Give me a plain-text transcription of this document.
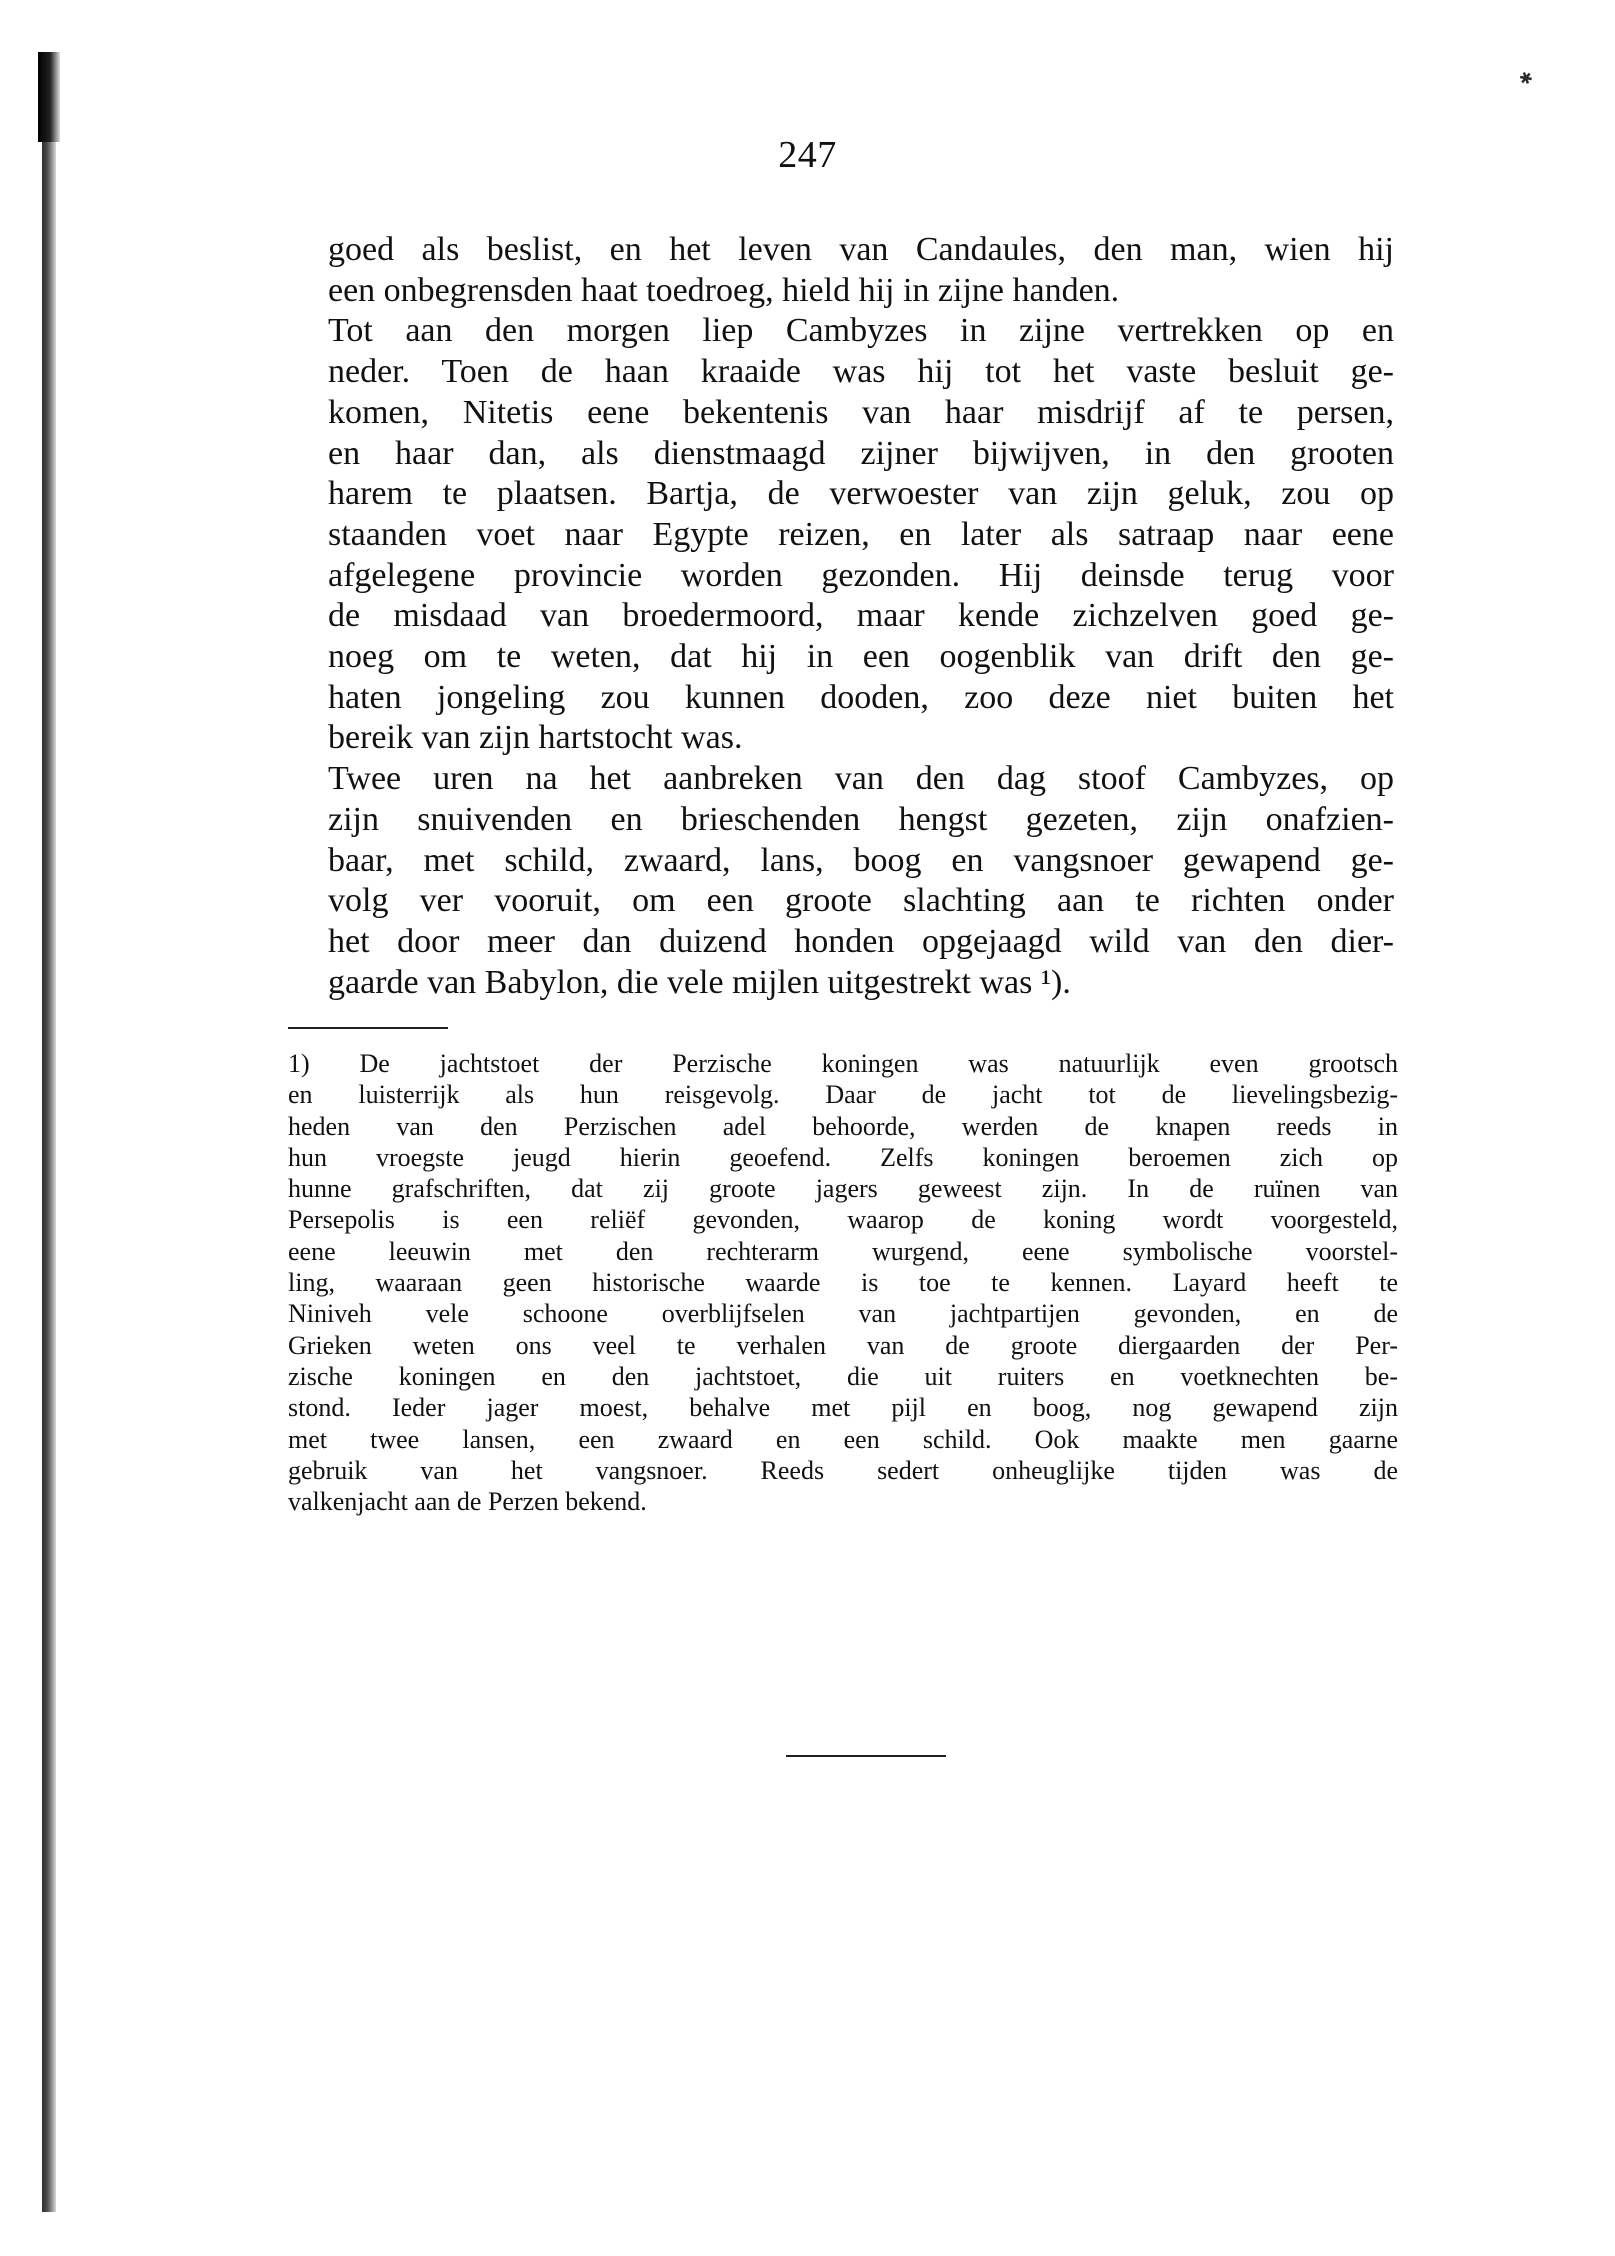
✱
247
goed als beslist, en het leven van Candaules, den man, wien hij
een onbegrensden haat toedroeg, hield hij in zijne handen.
Tot aan den morgen liep Cambyzes in zijne vertrekken op en
neder. Toen de haan kraaide was hij tot het vaste besluit ge-
komen, Nitetis eene bekentenis van haar misdrijf af te persen,
en haar dan, als dienstmaagd zijner bijwijven, in den grooten
harem te plaatsen. Bartja, de verwoester van zijn geluk, zou op
staanden voet naar Egypte reizen, en later als satraap naar eene
afgelegene provincie worden gezonden. Hij deinsde terug voor
de misdaad van broedermoord, maar kende zichzelven goed ge-
noeg om te weten, dat hij in een oogenblik van drift den ge-
haten jongeling zou kunnen dooden, zoo deze niet buiten het
bereik van zijn hartstocht was.
Twee uren na het aanbreken van den dag stoof Cambyzes, op
zijn snuivenden en brieschenden hengst gezeten, zijn onafzien-
baar, met schild, zwaard, lans, boog en vangsnoer gewapend ge-
volg ver vooruit, om een groote slachting aan te richten onder
het door meer dan duizend honden opgejaagd wild van den dier-
gaarde van Babylon, die vele mijlen uitgestrekt was ¹).
1) De jachtstoet der Perzische koningen was natuurlijk even grootsch
en luisterrijk als hun reisgevolg. Daar de jacht tot de lievelingsbezig-
heden van den Perzischen adel behoorde, werden de knapen reeds in
hun vroegste jeugd hierin geoefend. Zelfs koningen beroemen zich op
hunne grafschriften, dat zij groote jagers geweest zijn. In de ruïnen van
Persepolis is een reliëf gevonden, waarop de koning wordt voorgesteld,
eene leeuwin met den rechterarm wurgend, eene symbolische voorstel-
ling, waaraan geen historische waarde is toe te kennen. Layard heeft te
Niniveh vele schoone overblijfselen van jachtpartijen gevonden, en de
Grieken weten ons veel te verhalen van de groote diergaarden der Per-
zische koningen en den jachtstoet, die uit ruiters en voetknechten be-
stond. Ieder jager moest, behalve met pijl en boog, nog gewapend zijn
met twee lansen, een zwaard en een schild. Ook maakte men gaarne
gebruik van het vangsnoer. Reeds sedert onheuglijke tijden was de
valkenjacht aan de Perzen bekend.
